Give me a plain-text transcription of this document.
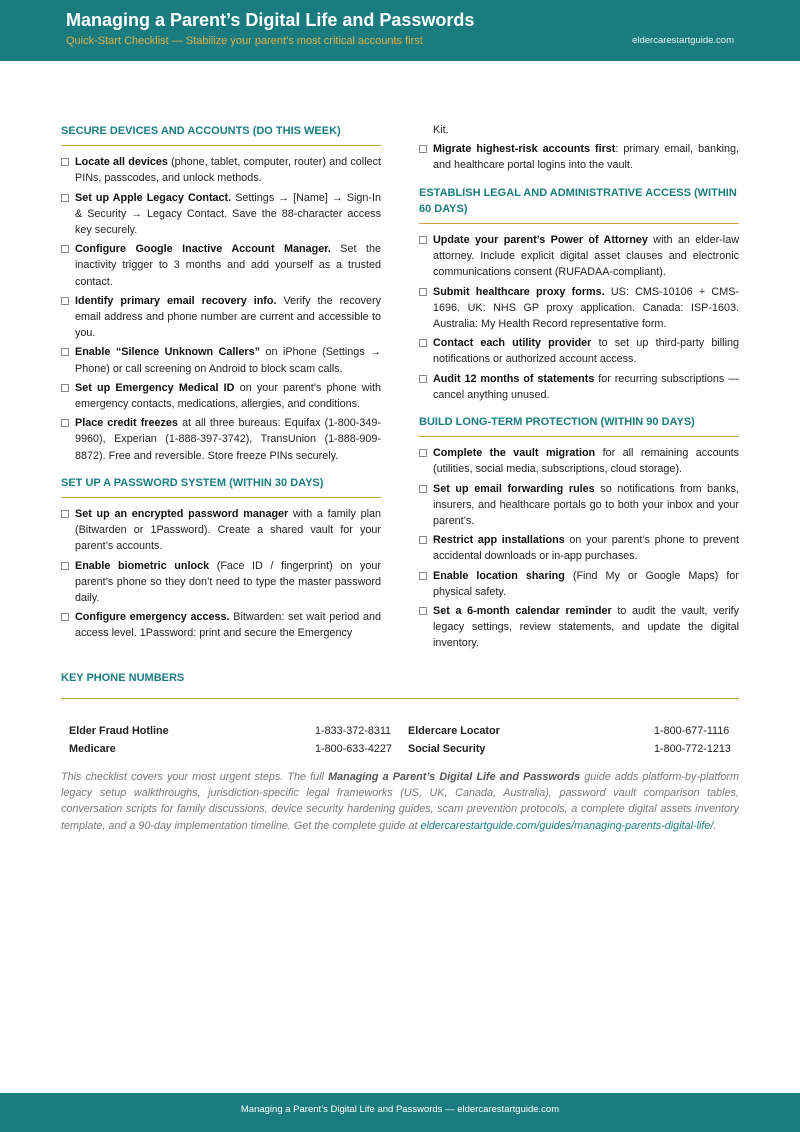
Managing a Parent’s Digital Life and Passwords
Quick-Start Checklist — Stabilize your parent’s most critical accounts first	eldercarestartguide.com
SECURE DEVICES AND ACCOUNTS (DO THIS WEEK)
Locate all devices (phone, tablet, computer, router) and collect PINs, passcodes, and unlock methods.
Set up Apple Legacy Contact. Settings → [Name] → Sign-In & Security → Legacy Contact. Save the 88-character access key securely.
Configure Google Inactive Account Manager. Set the inactivity trigger to 3 months and add yourself as a trusted contact.
Identify primary email recovery info. Verify the recovery email address and phone number are current and accessible to you.
Enable “Silence Unknown Callers” on iPhone (Settings → Phone) or call screening on Android to block scam calls.
Set up Emergency Medical ID on your parent’s phone with emergency contacts, medications, allergies, and conditions.
Place credit freezes at all three bureaus: Equifax (1-800-349-9960), Experian (1-888-397-3742), TransUnion (1-888-909-8872). Free and reversible. Store freeze PINs securely.
SET UP A PASSWORD SYSTEM (WITHIN 30 DAYS)
Set up an encrypted password manager with a family plan (Bitwarden or 1Password). Create a shared vault for your parent’s accounts.
Enable biometric unlock (Face ID / fingerprint) on your parent’s phone so they don’t need to type the master password daily.
Configure emergency access. Bitwarden: set wait period and access level. 1Password: print and secure the Emergency
Kit.
Migrate highest-risk accounts first: primary email, banking, and healthcare portal logins into the vault.
ESTABLISH LEGAL AND ADMINISTRATIVE ACCESS (WITHIN 60 DAYS)
Update your parent’s Power of Attorney with an elder-law attorney. Include explicit digital asset clauses and electronic communications consent (RUFADAA-compliant).
Submit healthcare proxy forms. US: CMS-10106 + CMS-1696. UK: NHS GP proxy application. Canada: ISP-1603. Australia: My Health Record representative form.
Contact each utility provider to set up third-party billing notifications or authorized account access.
Audit 12 months of statements for recurring subscriptions — cancel anything unused.
BUILD LONG-TERM PROTECTION (WITHIN 90 DAYS)
Complete the vault migration for all remaining accounts (utilities, social media, subscriptions, cloud storage).
Set up email forwarding rules so notifications from banks, insurers, and healthcare portals go to both your inbox and your parent’s.
Restrict app installations on your parent’s phone to prevent accidental downloads or in-app purchases.
Enable location sharing (Find My or Google Maps) for physical safety.
Set a 6-month calendar reminder to audit the vault, verify legacy settings, review statements, and update the digital inventory.
KEY PHONE NUMBERS
Elder Fraud Hotline	1-833-372-8311 Eldercare Locator	1-800-677-1116
Medicare	1-800-633-4227 Social Security	1-800-772-1213
This checklist covers your most urgent steps. The full Managing a Parent’s Digital Life and Passwords guide adds platform-by-platform legacy setup walkthroughs, jurisdiction-specific legal frameworks (US, UK, Canada, Australia), password vault comparison tables, conversation scripts for family discussions, device security hardening guides, scam prevention protocols, a complete digital assets inventory template, and a 90-day implementation timeline. Get the complete guide at eldercarestartguide.com/guides/managing-parents-digital-life/.
Managing a Parent’s Digital Life and Passwords — eldercarestartguide.com
